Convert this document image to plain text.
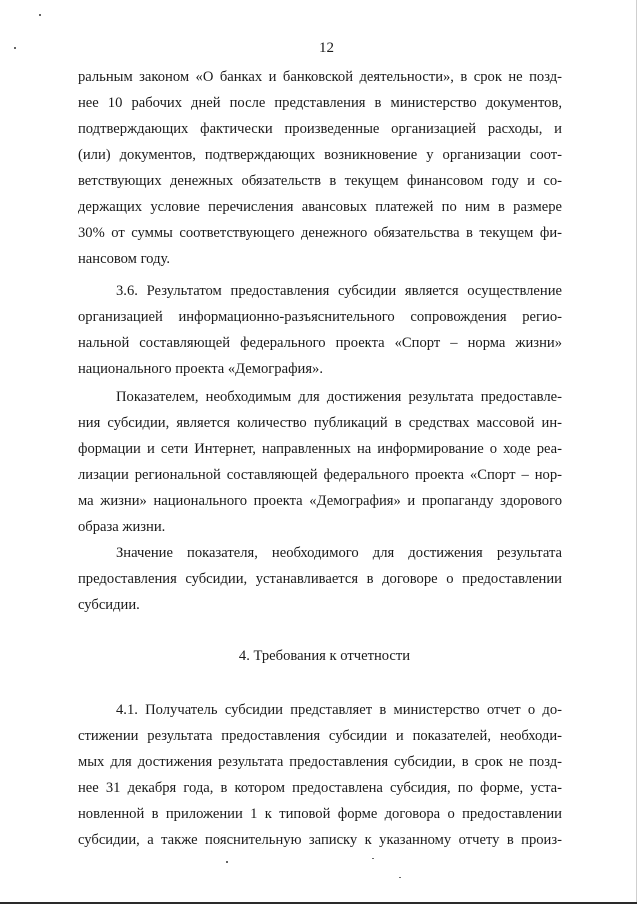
12
ральным законом «О банках и банковской деятельности», в срок не позд-
нее 10 рабочих дней после представления в министерство документов,
подтверждающих фактически произведенные организацией расходы, и
(или) документов, подтверждающих возникновение у организации соот-
ветствующих денежных обязательств в текущем финансовом году и со-
держащих условие перечисления авансовых платежей по ним в размере
30% от суммы соответствующего денежного обязательства в текущем фи-
нансовом году.
3.6. Результатом предоставления субсидии является осуществление
организацией информационно-разъяснительного сопровождения регио-
нальной составляющей федерального проекта «Спорт – норма жизни»
национального проекта «Демография».
Показателем, необходимым для достижения результата предоставле-
ния субсидии, является количество публикаций в средствах массовой ин-
формации и сети Интернет, направленных на информирование о ходе реа-
лизации региональной составляющей федерального проекта «Спорт – нор-
ма жизни» национального проекта «Демография» и пропаганду здорового
образа жизни.
Значение показателя, необходимого для достижения результата
предоставления субсидии, устанавливается в договоре о предоставлении
субсидии.
4. Требования к отчетности
4.1. Получатель субсидии представляет в министерство отчет о до-
стижении результата предоставления субсидии и показателей, необходи-
мых для достижения результата предоставления субсидии, в срок не позд-
нее 31 декабря года, в котором предоставлена субсидия, по форме, уста-
новленной в приложении 1 к типовой форме договора о предоставлении
субсидии, а также пояснительную записку к указанному отчету в произ-
